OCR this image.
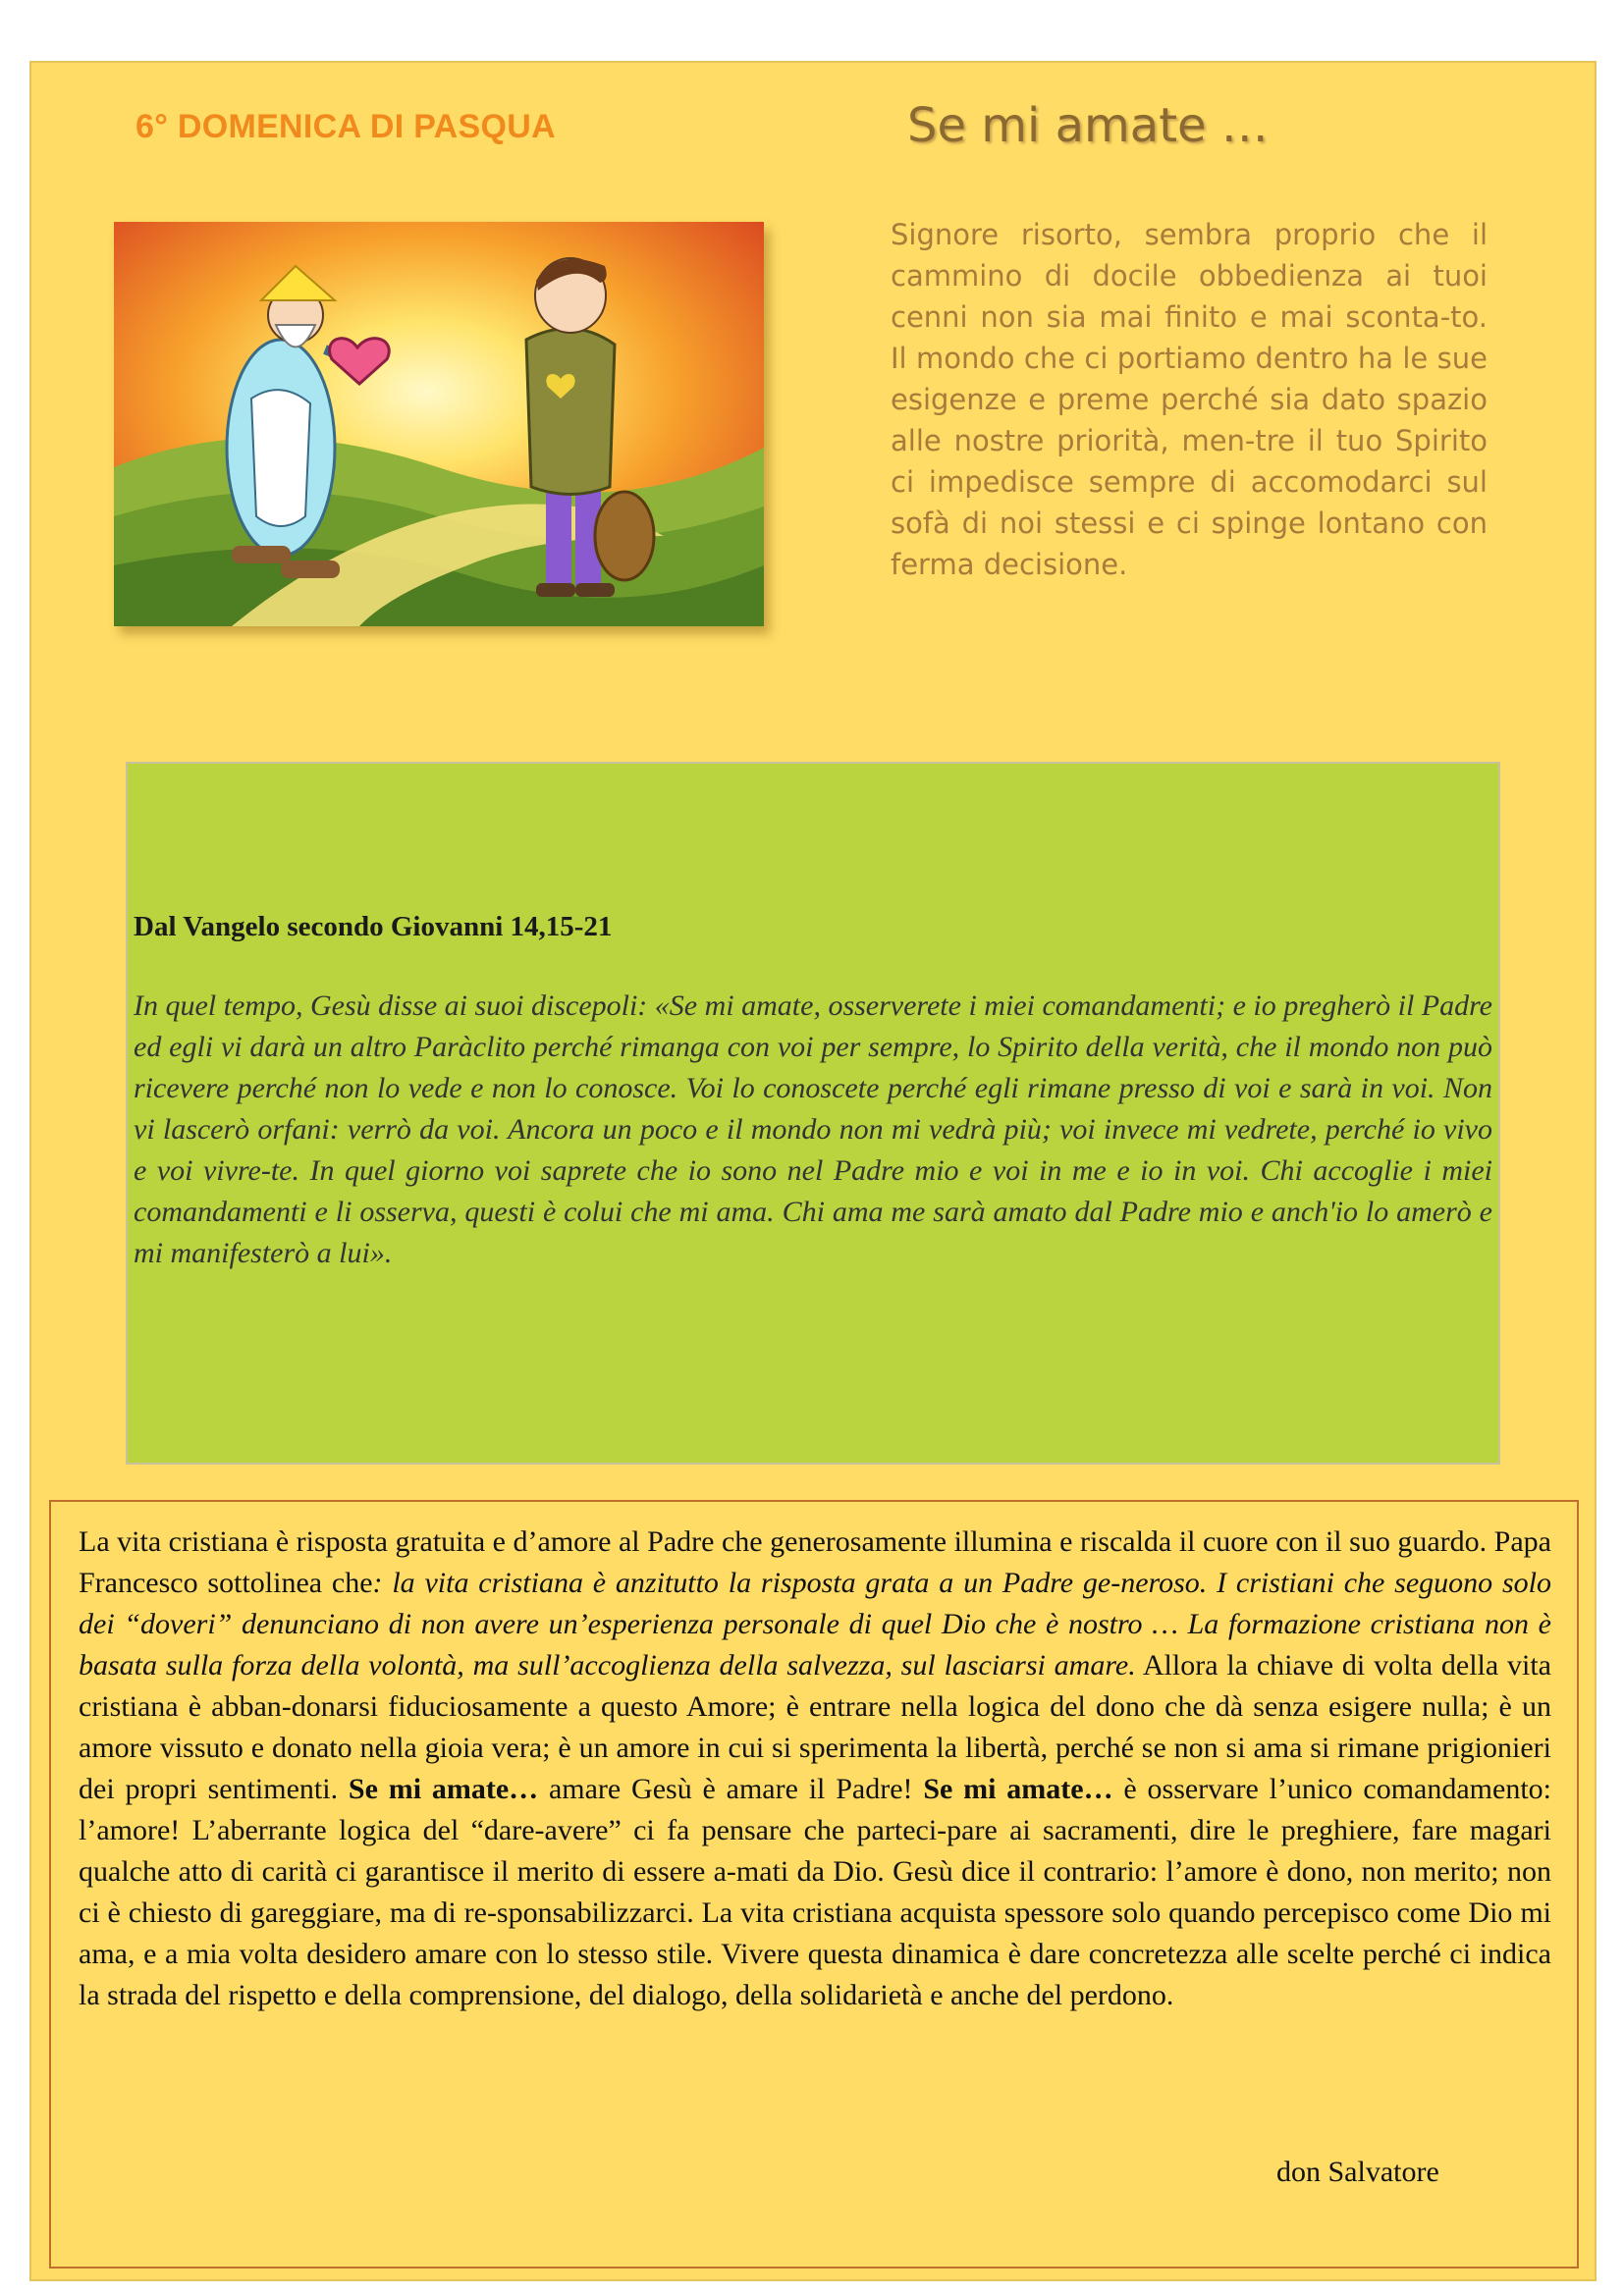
6° DOMENICA DI PASQUA	Se mi amate …
Signore risorto, sembra proprio che il cammino di docile obbedienza ai tuoi cenni non sia mai finito e mai sconta-to. Il mondo che ci portiamo dentro ha le sue esigenze e preme perché sia dato spazio alle nostre priorità, men-tre il tuo Spirito ci impedisce sempre di accomodarci sul sofà di noi stessi e ci spinge lontano con ferma decisione.
Dal Vangelo secondo Giovanni 14,15-21
In quel tempo, Gesù disse ai suoi discepoli: «Se mi amate, osserverete i miei comandamenti; e io pregherò il Padre ed egli vi darà un altro Paràclito perché rimanga con voi per sempre, lo Spirito della verità, che il mondo non può ricevere perché non lo vede e non lo conosce. Voi lo conoscete perché egli rimane presso di voi e sarà in voi. Non vi lascerò orfani: verrò da voi. Ancora un poco e il mondo non mi vedrà più; voi invece mi vedrete, perché io vivo e voi vivre-te. In quel giorno voi saprete che io sono nel Padre mio e voi in me e io in voi. Chi accoglie i miei comandamenti e li osserva, questi è colui che mi ama. Chi ama me sarà amato dal Padre mio e anch'io lo amerò e mi manifesterò a lui».
La vita cristiana è risposta gratuita e d’amore al Padre che generosamente illumina e riscalda il cuore con il suo guardo. Papa Francesco sottolinea che: la vita cristiana è anzitutto la risposta grata a un Padre ge-neroso. I cristiani che seguono solo dei “doveri” denunciano di non avere un’esperienza personale di quel Dio che è nostro … La formazione cristiana non è basata sulla forza della volontà, ma sull’accoglienza della salvezza, sul lasciarsi amare. Allora la chiave di volta della vita cristiana è abban-donarsi fiduciosamente a questo Amore; è entrare nella logica del dono che dà senza esigere nulla; è un amore vissuto e donato nella gioia vera; è un amore in cui si sperimenta la libertà, perché se non si ama si rimane prigionieri dei propri sentimenti. Se mi amate… amare Gesù è amare il Padre! Se mi amate… è osservare l’unico comandamento: l’amore! L’aberrante logica del “dare-avere” ci fa pensare che parteci-pare ai sacramenti, dire le preghiere, fare magari qualche atto di carità ci garantisce il merito di essere a-mati da Dio. Gesù dice il contrario: l’amore è dono, non merito; non ci è chiesto di gareggiare, ma di re-sponsabilizzarci. La vita cristiana acquista spessore solo quando percepisco come Dio mi ama, e a mia volta desidero amare con lo stesso stile. Vivere questa dinamica è dare concretezza alle scelte perché ci indica la strada del rispetto e della comprensione, del dialogo, della solidarietà e anche del perdono.
don Salvatore
